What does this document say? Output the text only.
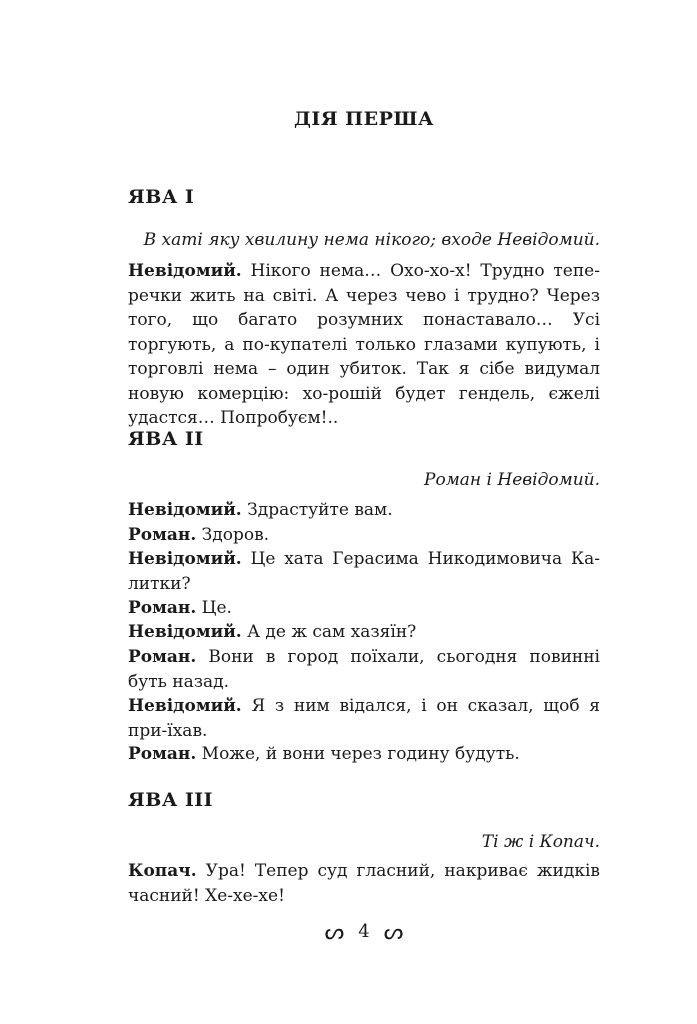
ДІЯ ПЕРША
ЯВА I
В хаті яку хвилину нема нікого; входе Невідомий.
Невідомий. Нікого нема… Охо-хо-х! Трудно тепе-речки жить на світі. А через чево і трудно? Через того, що багато розумних понаставало… Усі торгують, а по-купателі только глазами купують, і торговлі нема – один убиток. Так я сібе видумал новую комерцію: хо-рошій будет гендель, єжелі удастся… Попробуєм!..
ЯВА II
Роман і Невідомий.
Невідомий. Здрастуйте вам.
Роман. Здоров.
Невідомий. Це хата Герасима Никодимовича Ка-литки?
Роман. Це.
Невідомий. А де ж сам хазяїн?
Роман. Вони в город поїхали, сьогодня повинні буть назад.
Невідомий. Я з ним відался, і он сказал, щоб я при-їхав.
Роман. Може, й вони через годину будуть.
ЯВА III
Ті ж і Копач.
Копач. Ура! Тепер суд гласний, накриває жидків часний! Хе-хе-хе!
ᔕ 4 ᔕ
